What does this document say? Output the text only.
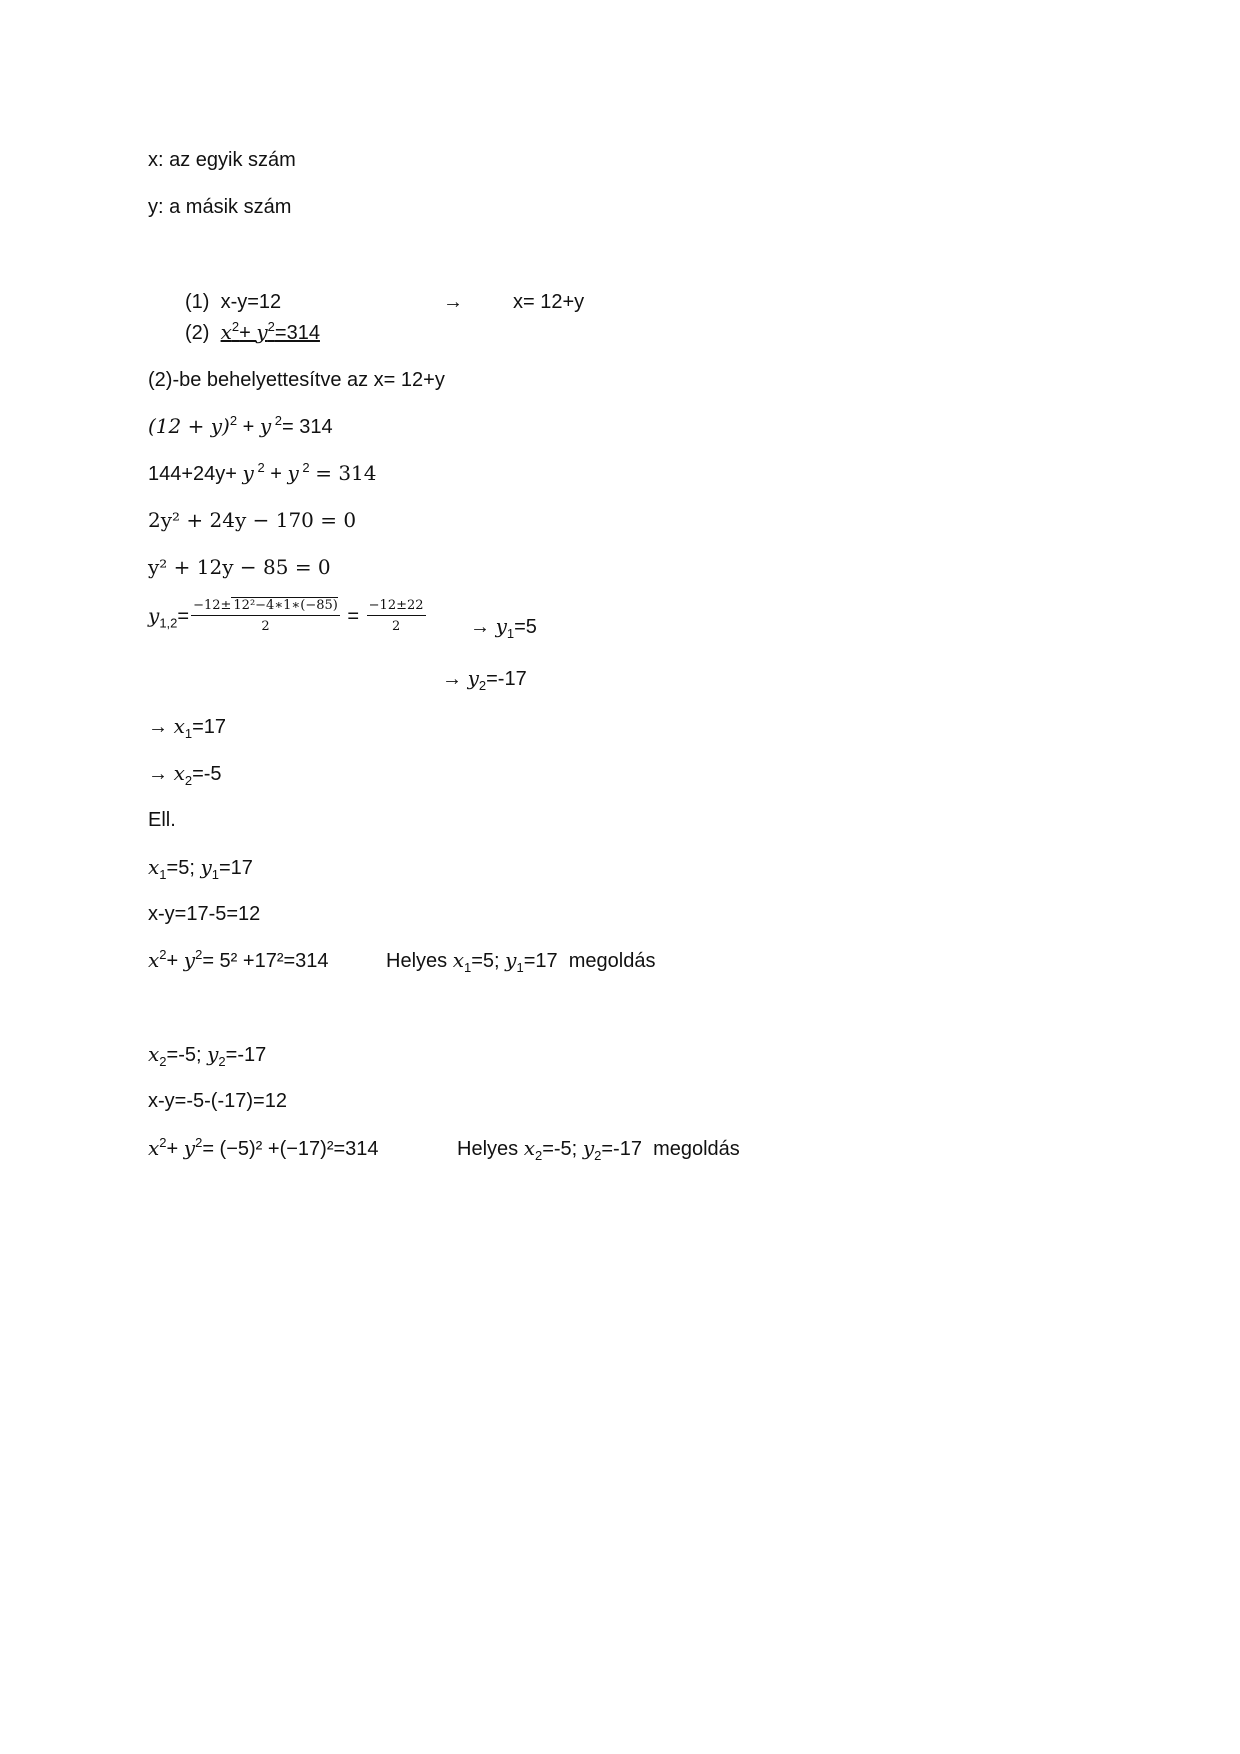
x: az egyik szám
y: a másik szám
(1) x-y=12	→	x= 12+y
(2) $x^2+ y^2=314$
(2)-be behelyettesítve az x= 12+y
$(12 + y)^2 + y$ $^2$= 314
144+24y+ y $^2$ + y $^2$ = 314
2y² + 24y − 170 = 0
y² + 12y − 85 = 0
$y_{1,2}= \frac{\text{−12± 12²−4∗1∗(−85)}}{2} = \frac{-12\pm 22}{2} \to y_1=5$
→ $y_2=-17$
→ $x_1=17$
→ $x_2=-5$
Ell.
$x_1=5$; $y_1=17$
x-y=17-5=12
$x^2+ y^2= 5^2 +17^2=314$	Helyes $x_1=5$; $y_1=17$ megoldás
$x_2=-5$; $y_2=-17$
x-y=-5-(-17)=12
$x^2+ y^2= (-5)^2 +(-17)^2=314$	Helyes $x_2=-5$; $y_2=-17$ megoldás
